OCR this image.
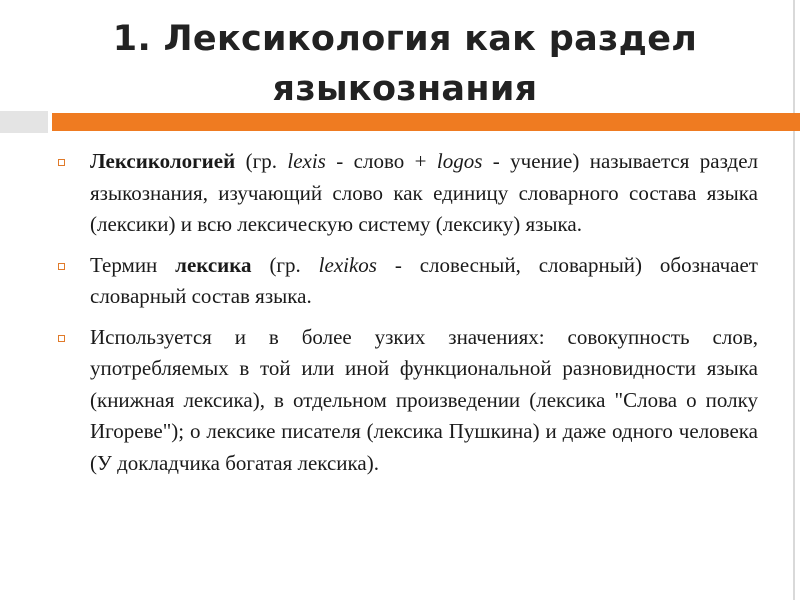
1. Лексикология как раздел
языкознания
Лексикологией (гр. lexis - слово + logos - учение) называется раздел языкознания, изучающий слово как единицу словарного состава языка (лексики) и всю лексическую систему (лексику) языка.
Термин лексика (гр. lexikos - словесный, словарный) обозначает словарный состав языка.
Используется и в более узких значениях: совокупность слов, употребляемых в той или иной функциональной разновидности языка (книжная лексика), в отдельном произведении (лексика "Слова о полку Игореве"); о лексике писателя (лексика Пушкина) и даже одного человека (У докладчика богатая лексика).
